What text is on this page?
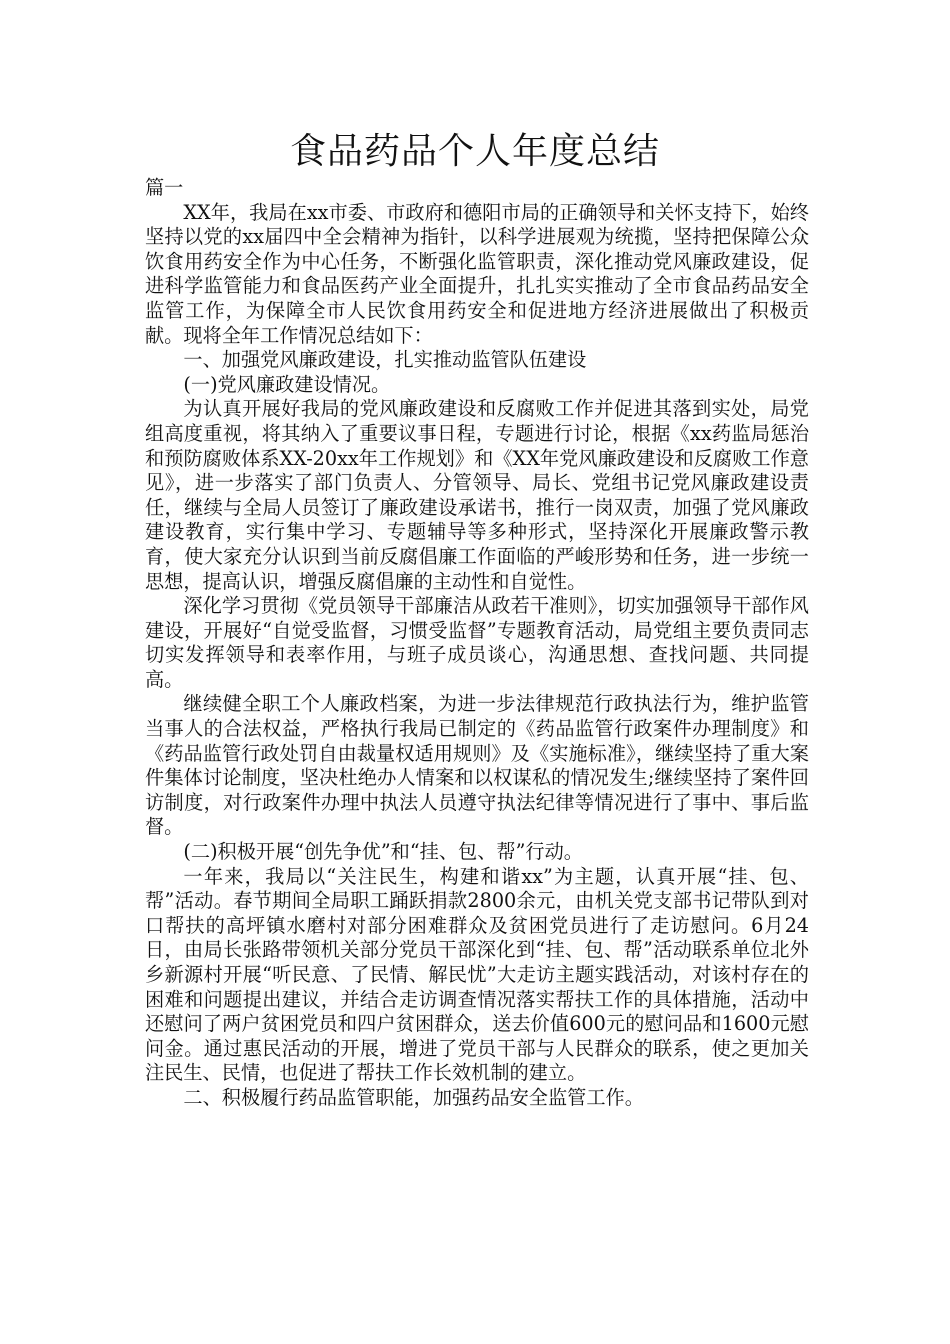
食品药品个人年度总结

篇一

XX年，我局在xx市委、市政府和德阳市局的正确领导和关怀支持下，始终坚持以党的xx届四中全会精神为指针，以科学进展观为统揽，坚持把保障公众饮食用药安全作为中心任务，不断强化监管职责，深化推动党风廉政建设，促进科学监管能力和食品医药产业全面提升，扎扎实实推动了全市食品药品安全监管工作，为保障全市人民饮食用药安全和促进地方经济进展做出了积极贡献。现将全年工作情况总结如下：

一、加强党风廉政建设，扎实推动监管队伍建设

(一)党风廉政建设情况。

为认真开展好我局的党风廉政建设和反腐败工作并促进其落到实处，局党组高度重视，将其纳入了重要议事日程，专题进行讨论，根据《xx药监局惩治和预防腐败体系XX-20xx年工作规划》和《XX年党风廉政建设和反腐败工作意见》，进一步落实了部门负责人、分管领导、局长、党组书记党风廉政建设责任，继续与全局人员签订了廉政建设承诺书，推行一岗双责，加强了党风廉政建设教育，实行集中学习、专题辅导等多种形式，坚持深化开展廉政警示教育，使大家充分认识到当前反腐倡廉工作面临的严峻形势和任务，进一步统一思想，提高认识，增强反腐倡廉的主动性和自觉性。

深化学习贯彻《党员领导干部廉洁从政若干准则》，切实加强领导干部作风建设，开展好“自觉受监督，习惯受监督”专题教育活动，局党组主要负责同志切实发挥领导和表率作用，与班子成员谈心，沟通思想、查找问题、共同提高。

继续健全职工个人廉政档案，为进一步法律规范行政执法行为，维护监管当事人的合法权益，严格执行我局已制定的《药品监管行政案件办理制度》和《药品监管行政处罚自由裁量权适用规则》及《实施标准》，继续坚持了重大案件集体讨论制度，坚决杜绝办人情案和以权谋私的情况发生;继续坚持了案件回访制度，对行政案件办理中执法人员遵守执法纪律等情况进行了事中、事后监督。

(二)积极开展“创先争优”和“挂、包、帮”行动。

一年来，我局以“关注民生，构建和谐xx”为主题，认真开展“挂、包、帮”活动。春节期间全局职工踊跃捐款2800余元，由机关党支部书记带队到对口帮扶的高坪镇水磨村对部分困难群众及贫困党员进行了走访慰问。6月24日，由局长张路带领机关部分党员干部深化到“挂、包、帮”活动联系单位北外乡新源村开展“听民意、了民情、解民忧”大走访主题实践活动，对该村存在的困难和问题提出建议，并结合走访调查情况落实帮扶工作的具体措施，活动中还慰问了两户贫困党员和四户贫困群众，送去价值600元的慰问品和1600元慰问金。通过惠民活动的开展，增进了党员干部与人民群众的联系，使之更加关注民生、民情，也促进了帮扶工作长效机制的建立。

二、积极履行药品监管职能，加强药品安全监管工作。
